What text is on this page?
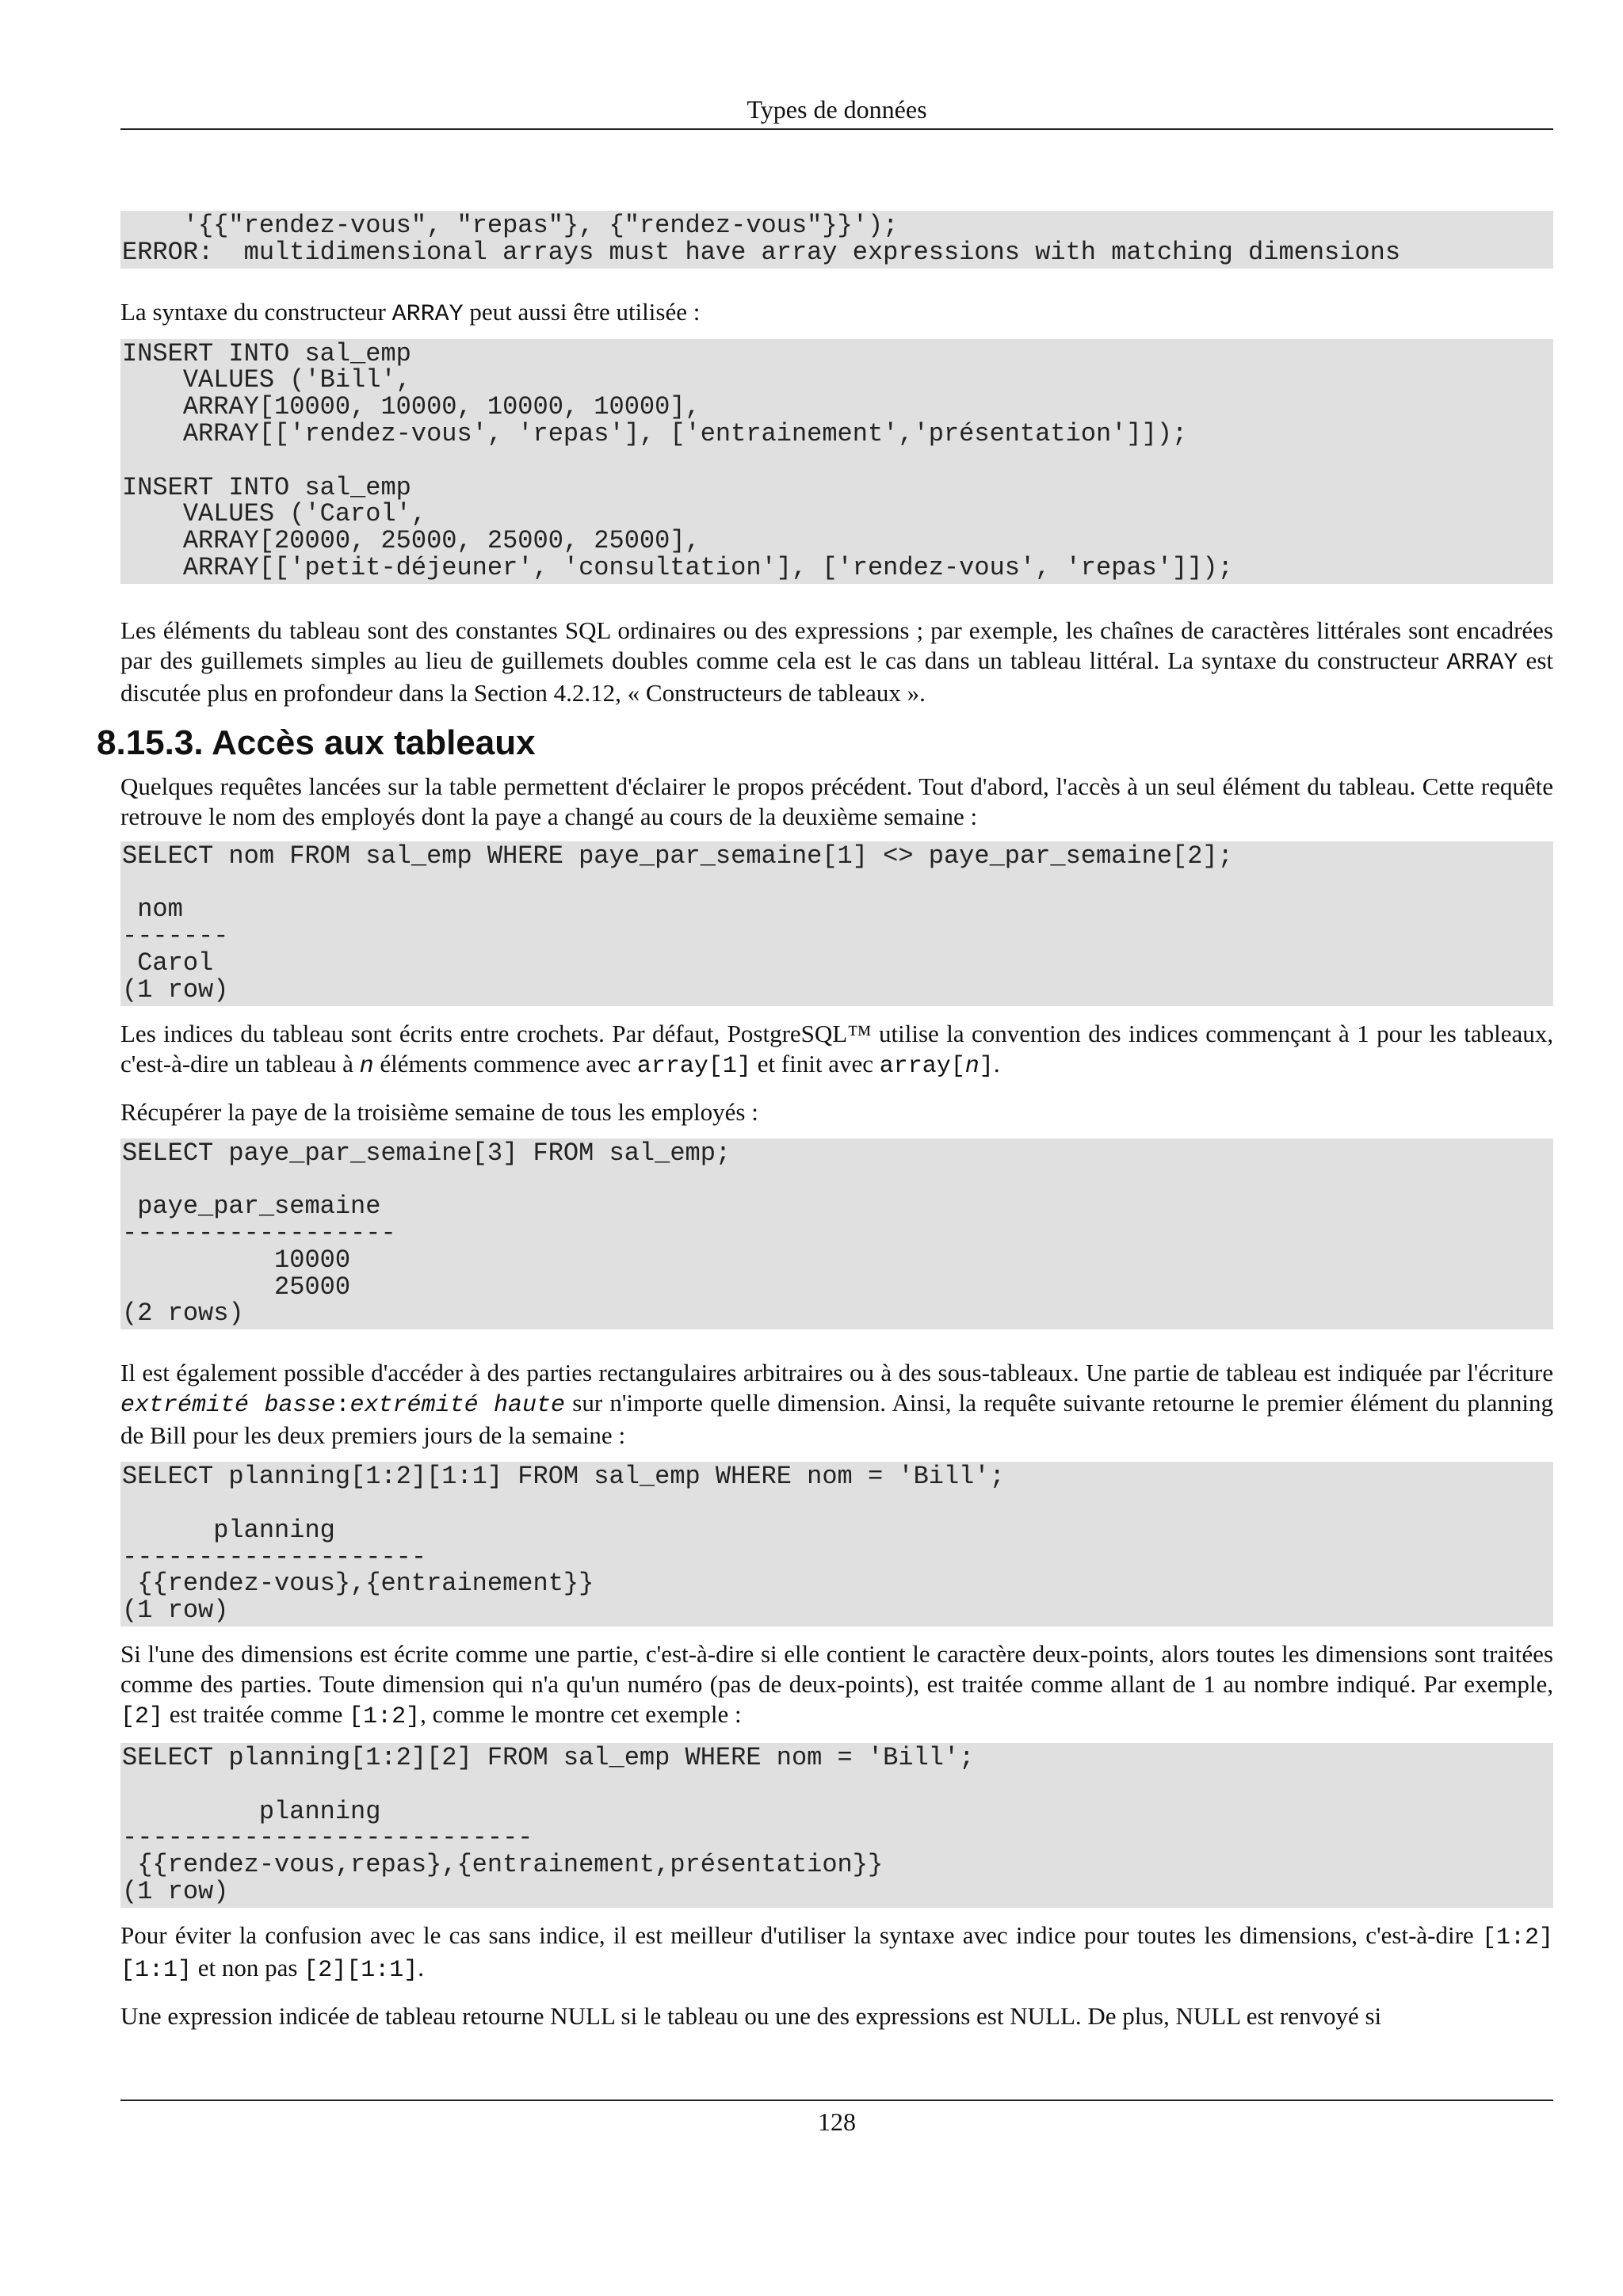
Types de données
'{{"rendez-vous", "repas"}, {"rendez-vous"}}');
ERROR:  multidimensional arrays must have array expressions with matching dimensions

La syntaxe du constructeur ARRAY peut aussi être utilisée :

INSERT INTO sal_emp
VALUES ('Bill',
ARRAY[10000, 10000, 10000, 10000],
ARRAY[['rendez-vous', 'repas'], ['entrainement','présentation']]);

INSERT INTO sal_emp
VALUES ('Carol',
ARRAY[20000, 25000, 25000, 25000],
ARRAY[['petit-déjeuner', 'consultation'], ['rendez-vous', 'repas']]);

Les éléments du tableau sont des constantes SQL ordinaires ou des expressions ; par exemple, les chaînes de caractères littérales sont encadrées par des guillemets simples au lieu de guillemets doubles comme cela est le cas dans un tableau littéral. La syntaxe du constructeur ARRAY est discutée plus en profondeur dans la Section 4.2.12, « Constructeurs de tableaux ».

8.15.3. Accès aux tableaux

Quelques requêtes lancées sur la table permettent d'éclairer le propos précédent. Tout d'abord, l'accès à un seul élément du tableau. Cette requête retrouve le nom des employés dont la paye a changé au cours de la deuxième semaine :

SELECT nom FROM sal_emp WHERE paye_par_semaine[1] <> paye_par_semaine[2];

nom
-------
Carol
(1 row)

Les indices du tableau sont écrits entre crochets. Par défaut, PostgreSQL™ utilise la convention des indices commençant à 1 pour les tableaux, c'est-à-dire un tableau à n éléments commence avec array[1] et finit avec array[n].

Récupérer la paye de la troisième semaine de tous les employés :

SELECT paye_par_semaine[3] FROM sal_emp;

paye_par_semaine
------------------
10000
25000
(2 rows)

Il est également possible d'accéder à des parties rectangulaires arbitraires ou à des sous-tableaux. Une partie de tableau est indiquée par l'écriture extrémité basse:extrémité haute sur n'importe quelle dimension. Ainsi, la requête suivante retourne le premier élément du planning de Bill pour les deux premiers jours de la semaine :

SELECT planning[1:2][1:1] FROM sal_emp WHERE nom = 'Bill';

planning
--------------------
{{rendez-vous},{entrainement}}
(1 row)

Si l'une des dimensions est écrite comme une partie, c'est-à-dire si elle contient le caractère deux-points, alors toutes les dimensions sont traitées comme des parties. Toute dimension qui n'a qu'un numéro (pas de deux-points), est traitée comme allant de 1 au nombre indiqué. Par exemple, [2] est traitée comme [1:2], comme le montre cet exemple :

SELECT planning[1:2][2] FROM sal_emp WHERE nom = 'Bill';

planning
---------------------------
{{rendez-vous,repas},{entrainement,présentation}}
(1 row)

Pour éviter la confusion avec le cas sans indice, il est meilleur d'utiliser la syntaxe avec indice pour toutes les dimensions, c'est-à-dire [1:2][1:1] et non pas [2][1:1].

Une expression indicée de tableau retourne NULL si le tableau ou une des expressions est NULL. De plus, NULL est renvoyé si

128
